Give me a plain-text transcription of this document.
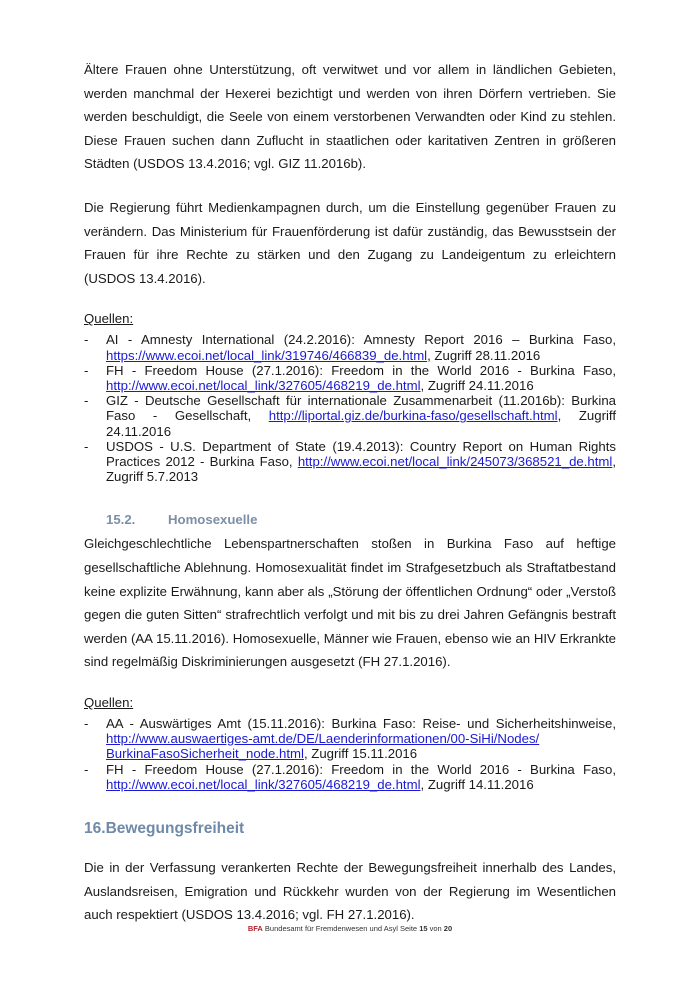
Ältere Frauen ohne Unterstützung, oft verwitwet und vor allem in ländlichen Gebieten, werden manchmal der Hexerei bezichtigt und werden von ihren Dörfern vertrieben. Sie werden beschuldigt, die Seele von einem verstorbenen Verwandten oder Kind zu stehlen. Diese Frauen suchen dann Zuflucht in staatlichen oder karitativen Zentren in größeren Städten (USDOS 13.4.2016; vgl. GIZ 11.2016b).

Die Regierung führt Medienkampagnen durch, um die Einstellung gegenüber Frauen zu verändern. Das Ministerium für Frauenförderung ist dafür zuständig, das Bewusstsein der Frauen für ihre Rechte zu stärken und den Zugang zu Landeigentum zu erleichtern (USDOS 13.4.2016).

Quellen:
- AI - Amnesty International (24.2.2016): Amnesty Report 2016 – Burkina Faso, https://www.ecoi.net/local_link/319746/466839_de.html, Zugriff 28.11.2016
- FH - Freedom House (27.1.2016): Freedom in the World 2016 - Burkina Faso, http://www.ecoi.net/local_link/327605/468219_de.html, Zugriff 24.11.2016
- GIZ - Deutsche Gesellschaft für internationale Zusammenarbeit (11.2016b): Burkina Faso - Gesellschaft, http://liportal.giz.de/burkina-faso/gesellschaft.html, Zugriff 24.11.2016
- USDOS - U.S. Department of State (19.4.2013): Country Report on Human Rights Practices 2012 - Burkina Faso, http://www.ecoi.net/local_link/245073/368521_de.html, Zugriff 5.7.2013
15.2. Homosexuelle

Gleichgeschlechtliche Lebenspartnerschaften stoßen in Burkina Faso auf heftige gesellschaftliche Ablehnung. Homosexualität findet im Strafgesetzbuch als Straftatbestand keine explizite Erwähnung, kann aber als „Störung der öffentlichen Ordnung“ oder „Verstoß gegen die guten Sitten“ strafrechtlich verfolgt und mit bis zu drei Jahren Gefängnis bestraft werden (AA 15.11.2016). Homosexuelle, Männer wie Frauen, ebenso wie an HIV Erkrankte sind regelmäßig Diskriminierungen ausgesetzt (FH 27.1.2016).

Quellen:
- AA - Auswärtiges Amt (15.11.2016): Burkina Faso: Reise- und Sicherheitshinweise, http://www.auswaertiges-amt.de/DE/Laenderinformationen/00-SiHi/Nodes/ BurkinaFasoSicherheit_node.html, Zugriff 15.11.2016
- FH - Freedom House (27.1.2016): Freedom in the World 2016 - Burkina Faso, http://www.ecoi.net/local_link/327605/468219_de.html, Zugriff 14.11.2016
16.Bewegungsfreiheit

Die in der Verfassung verankerten Rechte der Bewegungsfreiheit innerhalb des Landes, Auslandsreisen, Emigration und Rückkehr wurden von der Regierung im Wesentlichen auch respektiert (USDOS 13.4.2016; vgl. FH 27.1.2016).

BFA Bundesamt für Fremdenwesen und Asyl Seite 15 von 20
